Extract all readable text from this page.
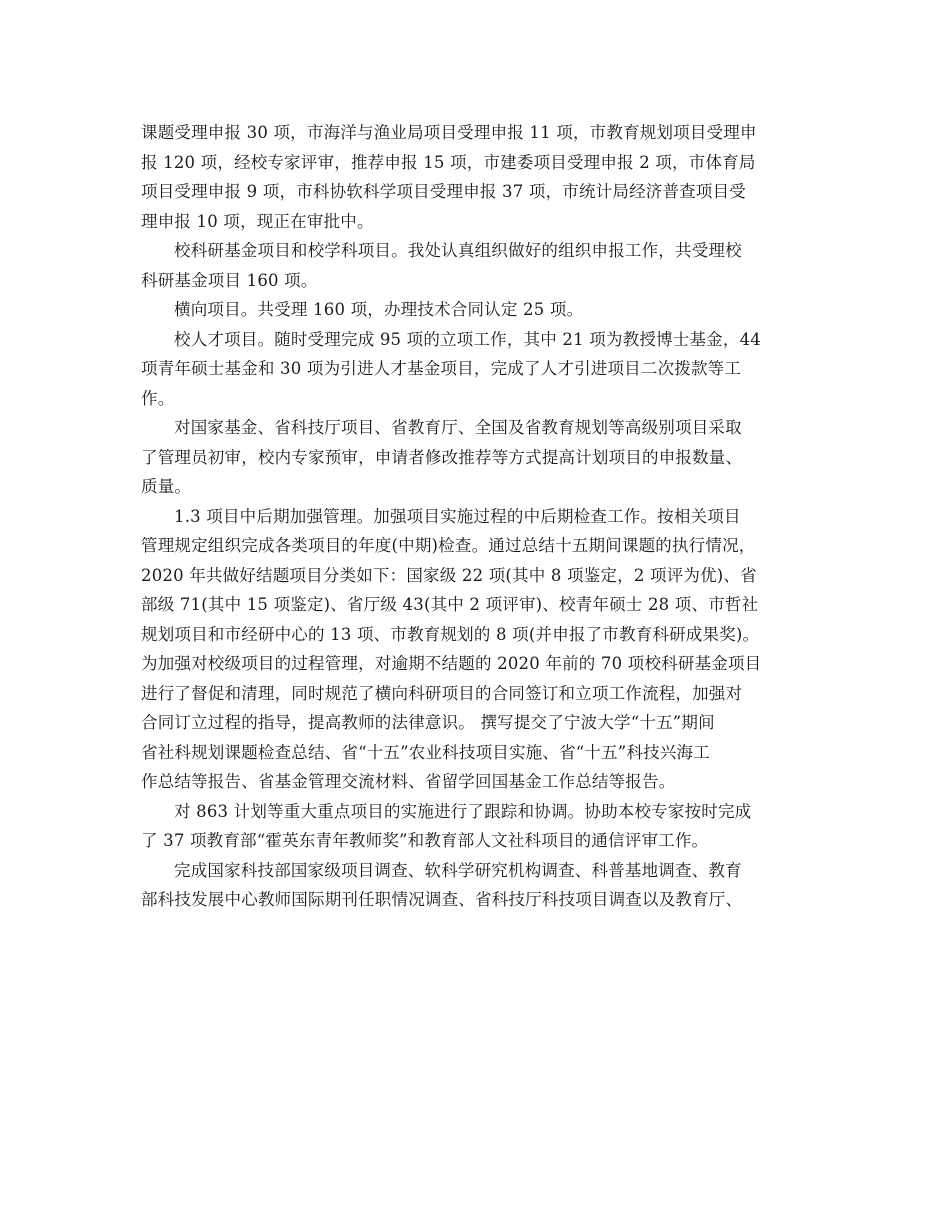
课题受理申报 30 项，市海洋与渔业局项目受理申报 11 项，市教育规划项目受理申
报 120 项，经校专家评审，推荐申报 15 项，市建委项目受理申报 2 项，市体育局
项目受理申报 9 项，市科协软科学项目受理申报 37 项，市统计局经济普查项目受
理申报 10 项，现正在审批中。

校科研基金项目和校学科项目。我处认真组织做好的组织申报工作，共受理校
科研基金项目 160 项。

横向项目。共受理 160 项，办理技术合同认定 25 项。

校人才项目。随时受理完成 95 项的立项工作，其中 21 项为教授博士基金，44
项青年硕士基金和 30 项为引进人才基金项目，完成了人才引进项目二次拨款等工
作。

对国家基金、省科技厅项目、省教育厅、全国及省教育规划等高级别项目采取
了管理员初审，校内专家预审，申请者修改推荐等方式提高计划项目的申报数量、
质量。

1.3 项目中后期加强管理。加强项目实施过程的中后期检查工作。按相关项目
管理规定组织完成各类项目的年度(中期)检查。通过总结十五期间课题的执行情况，
2020 年共做好结题项目分类如下：国家级 22 项(其中 8 项鉴定，2 项评为优)、省
部级 71(其中 15 项鉴定)、省厅级 43(其中 2 项评审)、校青年硕士 28 项、市哲社
规划项目和市经研中心的 13 项、市教育规划的 8 项(并申报了市教育科研成果奖)。
为加强对校级项目的过程管理，对逾期不结题的 2020 年前的 70 项校科研基金项目
进行了督促和清理，同时规范了横向科研项目的合同签订和立项工作流程，加强对
合同订立过程的指导，提高教师的法律意识。 撰写提交了宁波大学“十五”期间
省社科规划课题检查总结、省“十五”农业科技项目实施、省“十五”科技兴海工
作总结等报告、省基金管理交流材料、省留学回国基金工作总结等报告。

对 863 计划等重大重点项目的实施进行了跟踪和协调。协助本校专家按时完成
了 37 项教育部“霍英东青年教师奖”和教育部人文社科项目的通信评审工作。

完成国家科技部国家级项目调查、软科学研究机构调查、科普基地调查、教育
部科技发展中心教师国际期刊任职情况调查、省科技厅科技项目调查以及教育厅、
